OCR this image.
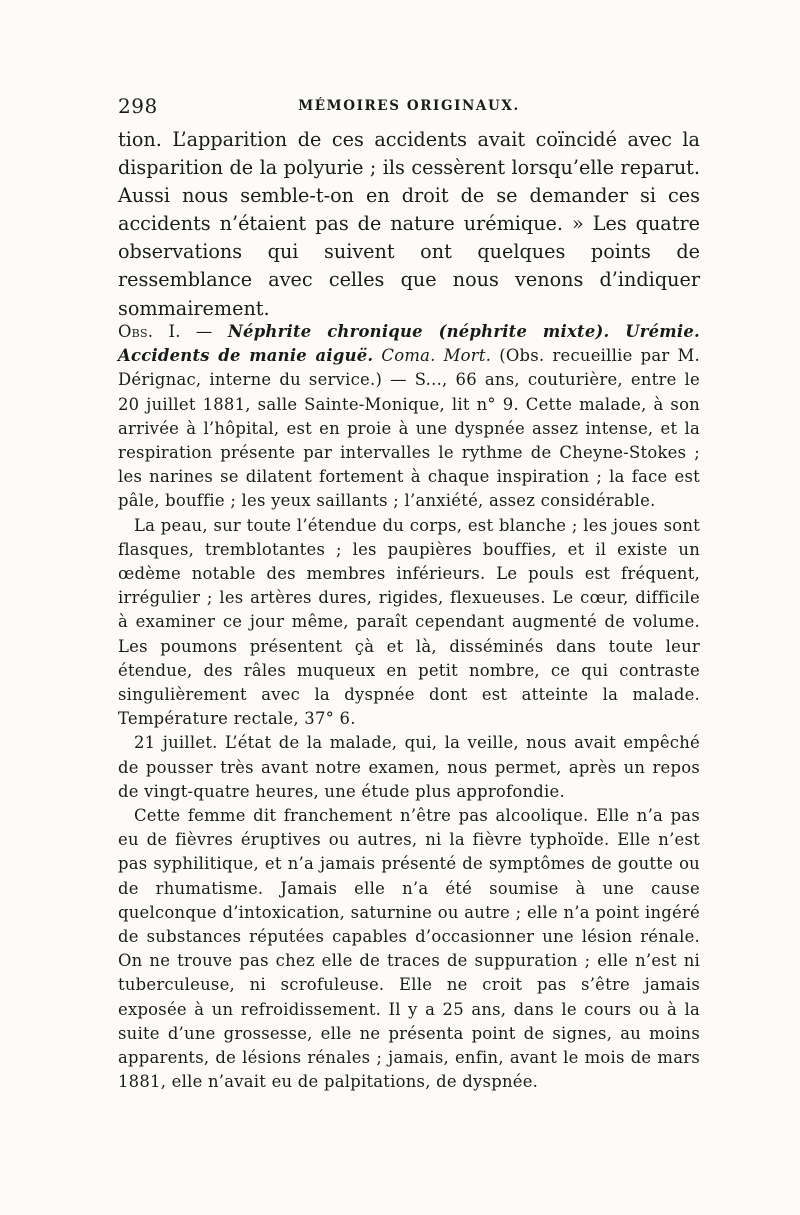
298	MÉMOIRES ORIGINAUX.

tion. L’apparition de ces accidents avait coïncidé avec la disparition de la polyurie ; ils cessèrent lorsqu’elle reparut. Aussi nous semble-t-on en droit de se demander si ces accidents n’étaient pas de nature urémique. » Les quatre observations qui suivent ont quelques points de ressemblance avec celles que nous venons d’indiquer sommairement.

Obs. I. — Néphrite chronique (néphrite mixte). Urémie. Accidents de manie aiguë. Coma. Mort. (Obs. recueillie par M. Dérignac, interne du service.) — S..., 66 ans, couturière, entre le 20 juillet 1881, salle Sainte-Monique, lit n° 9. Cette malade, à son arrivée à l’hôpital, est en proie à une dyspnée assez intense, et la respiration présente par intervalles le rythme de Cheyne-Stokes ; les narines se dilatent fortement à chaque inspiration ; la face est pâle, bouffie ; les yeux saillants ; l’anxiété, assez considérable.

La peau, sur toute l’étendue du corps, est blanche ; les joues sont flasques, tremblotantes ; les paupières bouffies, et il existe un œdème notable des membres inférieurs. Le pouls est fréquent, irrégulier ; les artères dures, rigides, flexueuses. Le cœur, difficile à examiner ce jour même, paraît cependant augmenté de volume. Les poumons présentent çà et là, disséminés dans toute leur étendue, des râles muqueux en petit nombre, ce qui contraste singulièrement avec la dyspnée dont est atteinte la malade. Température rectale, 37° 6.

21 juillet. L’état de la malade, qui, la veille, nous avait empêché de pousser très avant notre examen, nous permet, après un repos de vingt-quatre heures, une étude plus approfondie.

Cette femme dit franchement n’être pas alcoolique. Elle n’a pas eu de fièvres éruptives ou autres, ni la fièvre typhoïde. Elle n’est pas syphilitique, et n’a jamais présenté de symptômes de goutte ou de rhumatisme. Jamais elle n’a été soumise à une cause quelconque d’intoxication, saturnine ou autre ; elle n’a point ingéré de substances réputées capables d’occasionner une lésion rénale. On ne trouve pas chez elle de traces de suppuration ; elle n’est ni tuberculeuse, ni scrofuleuse. Elle ne croit pas s’être jamais exposée à un refroidissement. Il y a 25 ans, dans le cours ou à la suite d’une grossesse, elle ne présenta point de signes, au moins apparents, de lésions rénales ; jamais, enfin, avant le mois de mars 1881, elle n’avait eu de palpitations, de dyspnée.
